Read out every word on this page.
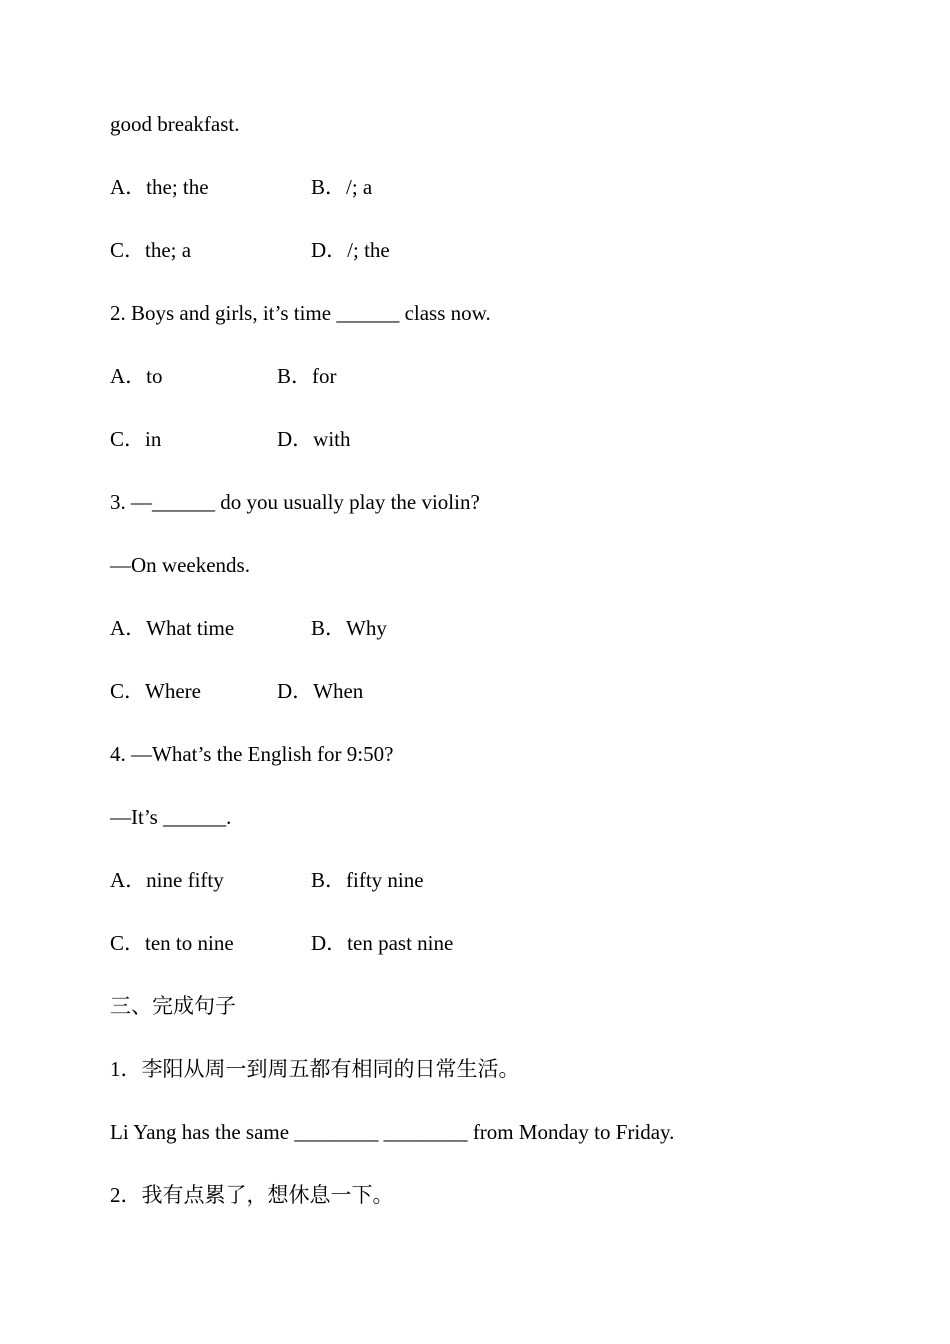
good breakfast.
A．the; the	B．/; a
C．the; a	D．/; the
2. Boys and girls, it’s time ______ class now.
A．to	B．for
C．in	D．with
3. —______ do you usually play the violin?
—On weekends.
A．What time	B．Why
C．Where	D．When
4. —What’s the English for 9:50?
—It’s ______.
A．nine fifty	B．fifty nine
C．ten to nine	D．ten past nine
三、完成句子
1．李阳从周一到周五都有相同的日常生活。
Li Yang has the same ________ ________ from Monday to Friday.
2．我有点累了，想休息一下。
